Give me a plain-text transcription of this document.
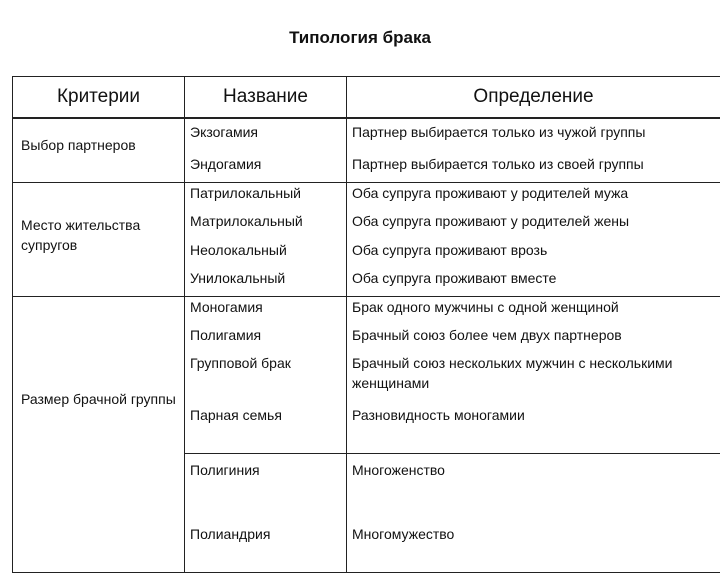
Типология брака
Критерии	Название	Определение

Выбор партнеров	Экзогамия	Партнер выбирается только из чужой группы
	Эндогамия	Партнер выбирается только из своей группы

Место жительства супругов	Патрилокальный	Оба супруга проживают у родителей мужа
	Матрилокальный	Оба супруга проживают у родителей жены
	Неолокальный	Оба супруга проживают врозь
	Унилокальный	Оба супруга проживают вместе

Размер брачной группы	Моногамия	Брак одного мужчины с одной женщиной
	Полигамия	Брачный союз более чем двух партнеров
	Групповой брак	Брачный союз нескольких мужчин с несколькими женщинами
	Парная семья	Разновидность моногамии
	Полигиния	Многоженство
	Полиандрия	Многомужество
